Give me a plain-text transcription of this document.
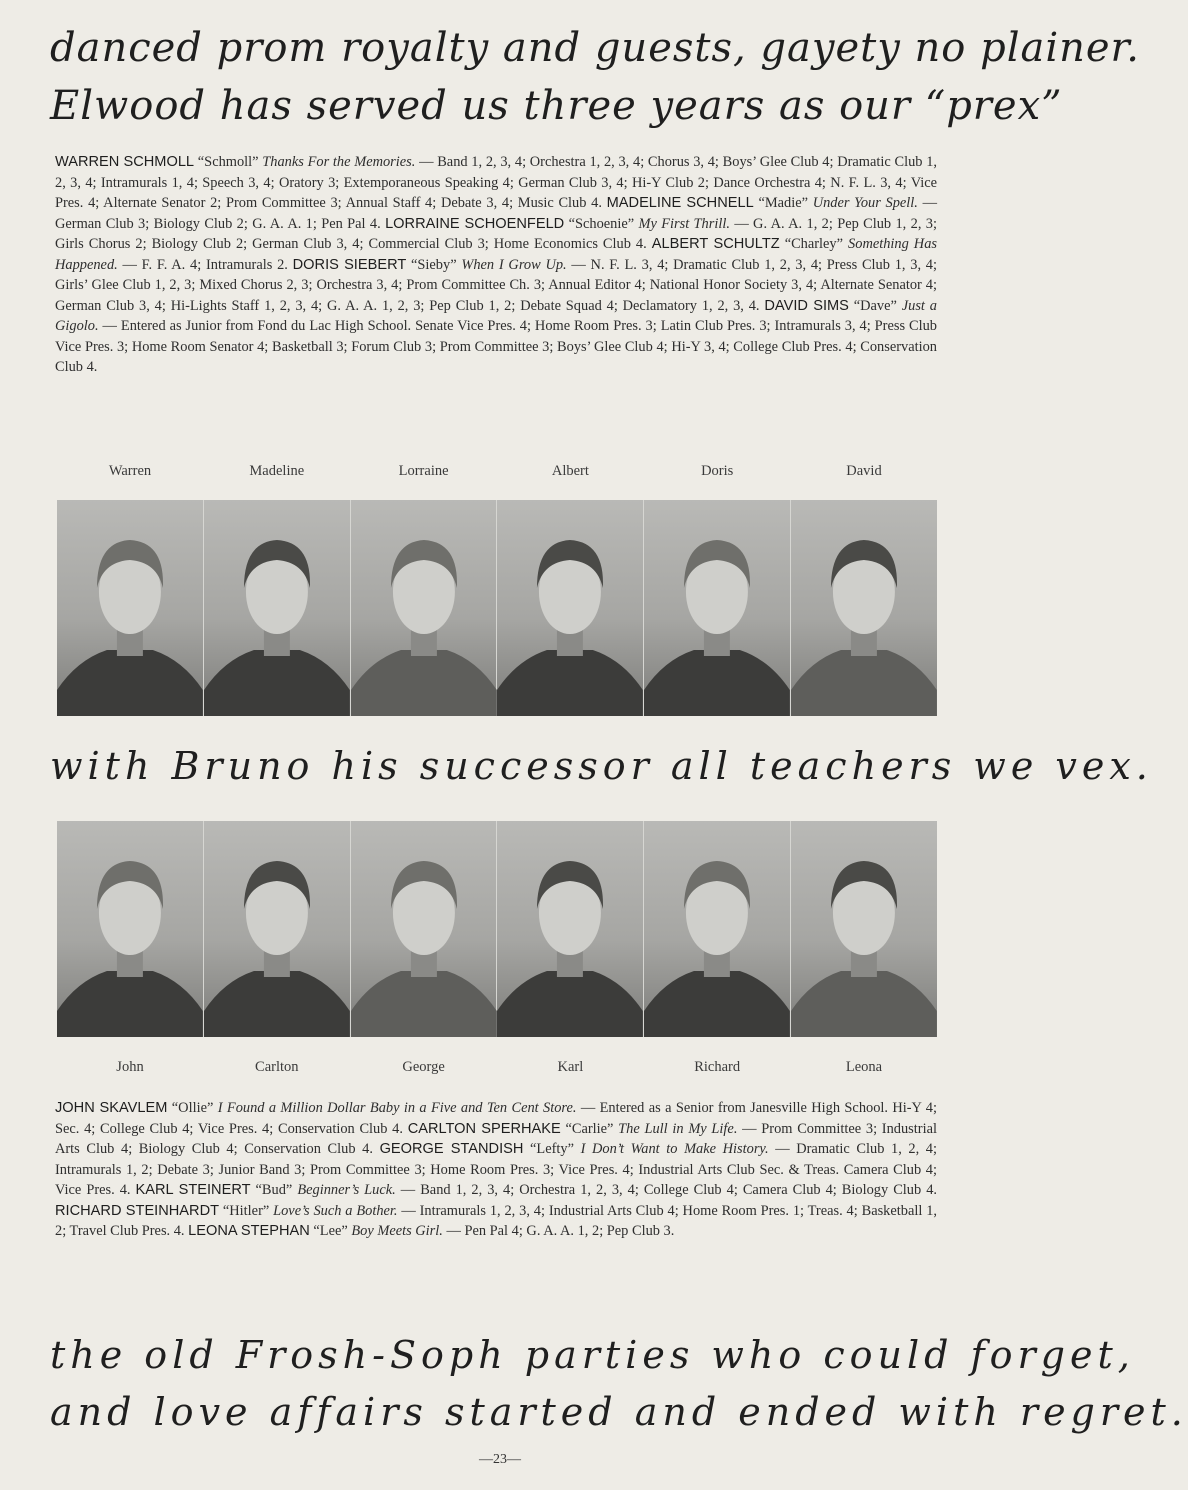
danced prom royalty and guests, gayety no plainer.
Elwood has served us three years as our “prex”
WARREN SCHMOLL “Schmoll” Thanks For the Memories. — Band 1, 2, 3, 4; Orchestra 1, 2, 3, 4; Chorus 3, 4; Boys’ Glee Club 4; Dramatic Club 1, 2, 3, 4; Intramurals 1, 4; Speech 3, 4; Oratory 3; Extemporaneous Speaking 4; German Club 3, 4; Hi-Y Club 2; Dance Orchestra 4; N. F. L. 3, 4; Vice Pres. 4; Alternate Senator 2; Prom Committee 3; Annual Staff 4; Debate 3, 4; Music Club 4. MADELINE SCHNELL “Madie” Under Your Spell. — German Club 3; Biology Club 2; G. A. A. 1; Pen Pal 4. LORRAINE SCHOENFELD “Schoenie” My First Thrill. — G. A. A. 1, 2; Pep Club 1, 2, 3; Girls Chorus 2; Biology Club 2; German Club 3, 4; Commercial Club 3; Home Economics Club 4. ALBERT SCHULTZ “Charley” Something Has Happened. — F. F. A. 4; Intramurals 2. DORIS SIEBERT “Sieby” When I Grow Up. — N. F. L. 3, 4; Dramatic Club 1, 2, 3, 4; Press Club 1, 3, 4; Girls’ Glee Club 1, 2, 3; Mixed Chorus 2, 3; Orchestra 3, 4; Prom Committee Ch. 3; Annual Editor 4; National Honor Society 3, 4; Alternate Senator 4; German Club 3, 4; Hi-Lights Staff 1, 2, 3, 4; G. A. A. 1, 2, 3; Pep Club 1, 2; Debate Squad 4; Declamatory 1, 2, 3, 4. DAVID SIMS “Dave” Just a Gigolo. — Entered as Junior from Fond du Lac High School. Senate Vice Pres. 4; Home Room Pres. 3; Latin Club Pres. 3; Intramurals 3, 4; Press Club Vice Pres. 3; Home Room Senator 4; Basketball 3; Forum Club 3; Prom Committee 3; Boys’ Glee Club 4; Hi-Y 3, 4; College Club Pres. 4; Conservation Club 4.
Warren	Madeline	Lorraine	Albert	Doris	David
with Bruno his successor all teachers we vex.
John	Carlton	George	Karl	Richard	Leona
JOHN SKAVLEM “Ollie” I Found a Million Dollar Baby in a Five and Ten Cent Store. — Entered as a Senior from Janesville High School. Hi-Y 4; Sec. 4; College Club 4; Vice Pres. 4; Conservation Club 4. CARLTON SPERHAKE “Carlie” The Lull in My Life. — Prom Committee 3; Industrial Arts Club 4; Biology Club 4; Conservation Club 4. GEORGE STANDISH “Lefty” I Don’t Want to Make History. — Dramatic Club 1, 2, 4; Intramurals 1, 2; Debate 3; Junior Band 3; Prom Committee 3; Home Room Pres. 3; Vice Pres. 4; Industrial Arts Club Sec. & Treas. Camera Club 4; Vice Pres. 4. KARL STEINERT “Bud” Beginner’s Luck. — Band 1, 2, 3, 4; Orchestra 1, 2, 3, 4; College Club 4; Camera Club 4; Biology Club 4. RICHARD STEINHARDT “Hitler” Love’s Such a Bother. — Intramurals 1, 2, 3, 4; Industrial Arts Club 4; Home Room Pres. 1; Treas. 4; Basketball 1, 2; Travel Club Pres. 4. LEONA STEPHAN “Lee” Boy Meets Girl. — Pen Pal 4; G. A. A. 1, 2; Pep Club 3.
the old Frosh-Soph parties who could forget,
and love affairs started and ended with regret.
—23—
